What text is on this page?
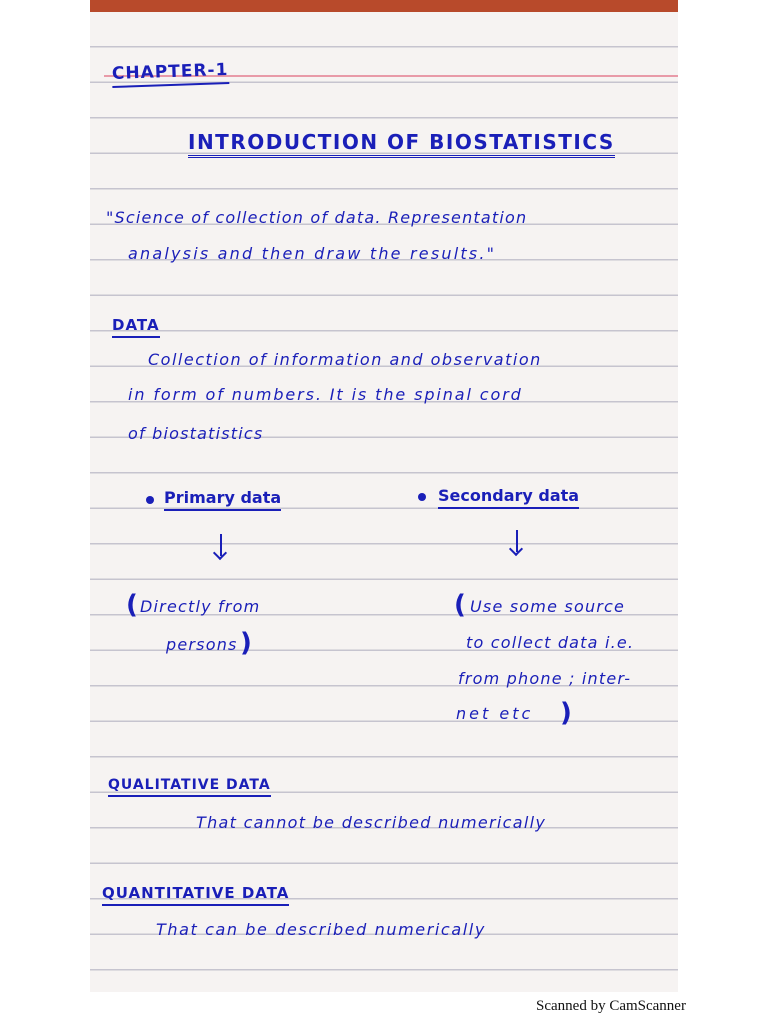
CHAPTER-1

INTRODUCTION OF BIOSTATISTICS

"Science of collection of data. Representation

analysis and then draw the results."

DATA

Collection of information and observation

in form of numbers. It is the spinal cord

of biostatistics

Primary data

( Directly from

persons )

Secondary data

( Use some source

to collect data i.e.

from phone ; inter-

net etc )

QUALITATIVE DATA

That cannot be described numerically

QUANTITATIVE DATA

That can be described numerically

Scanned by CamScanner
